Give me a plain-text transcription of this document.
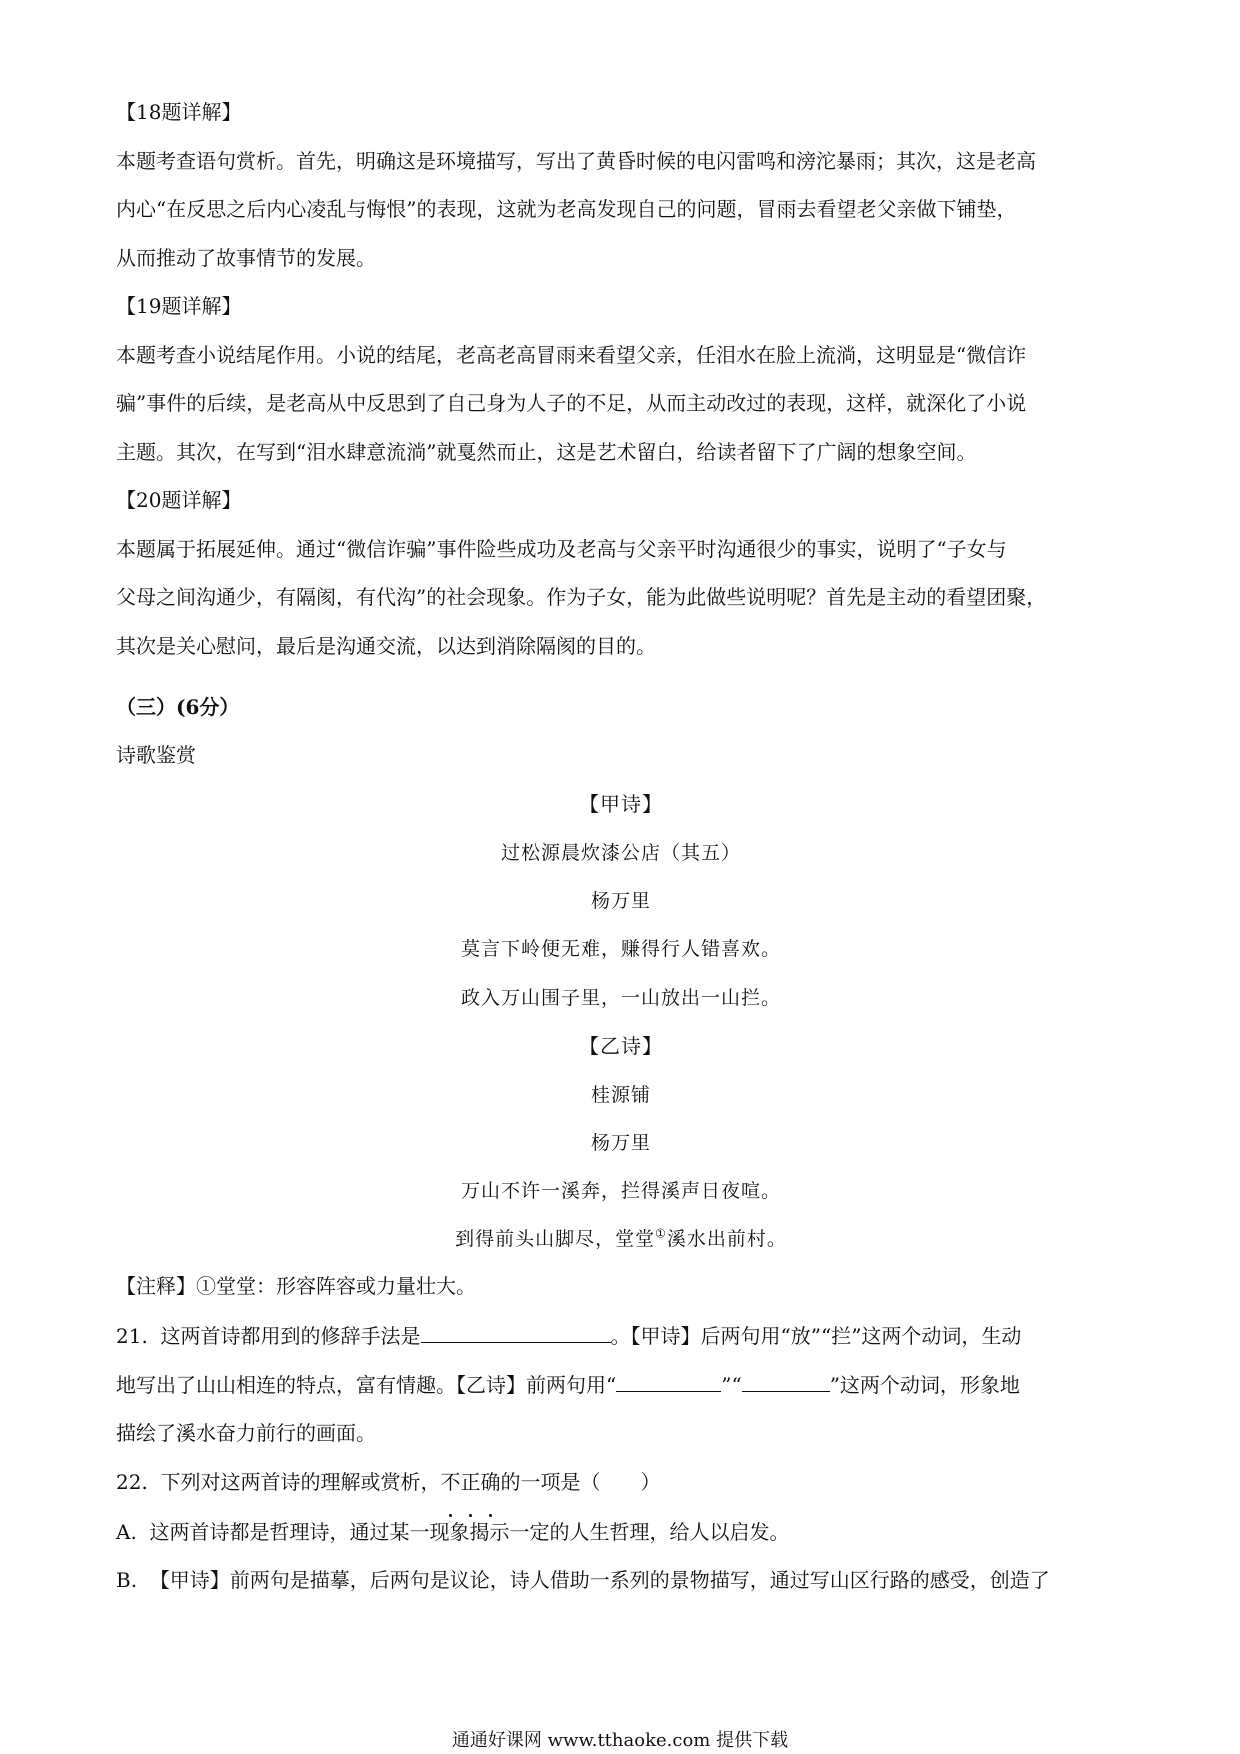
【18题详解】

本题考查语句赏析。首先，明确这是环境描写，写出了黄昏时候的电闪雷鸣和滂沱暴雨；其次，这是老高

内心“在反思之后内心凌乱与悔恨”的表现，这就为老高发现自己的问题，冒雨去看望老父亲做下铺垫，

从而推动了故事情节的发展。

【19题详解】

本题考查小说结尾作用。小说的结尾，老高老高冒雨来看望父亲，任泪水在脸上流淌，这明显是“微信诈

骗”事件的后续，是老高从中反思到了自己身为人子的不足，从而主动改过的表现，这样，就深化了小说

主题。其次，在写到“泪水肆意流淌”就戛然而止，这是艺术留白，给读者留下了广阔的想象空间。

【20题详解】

本题属于拓展延伸。通过“微信诈骗”事件险些成功及老高与父亲平时沟通很少的事实，说明了“子女与

父母之间沟通少，有隔阂，有代沟”的社会现象。作为子女，能为此做些说明呢？首先是主动的看望团聚，

其次是关心慰问，最后是沟通交流，以达到消除隔阂的目的。

（三）(6分）

诗歌鉴赏

【甲诗】
过松源晨炊漆公店（其五）
杨万里
莫言下岭便无难，赚得行人错喜欢。
政入万山围子里，一山放出一山拦。
【乙诗】
桂源铺
杨万里
万山不许一溪奔，拦得溪声日夜喧。
到得前头山脚尽，堂堂①溪水出前村。

【注释】①堂堂：形容阵容或力量壮大。

21. 这两首诗都用到的修辞手法是	。【甲诗】后两句用“放”“拦”这两个动词，生动

地写出了山山相连的特点，富有情趣。【乙诗】前两句用“	”“	”这两个动词，形象地

描绘了溪水奋力前行的画面。

22. 下列对这两首诗的理解或赏析，不正确的一项是（　　）

A. 这两首诗都是哲理诗，通过某一现象揭示一定的人生哲理，给人以启发。

B. 【甲诗】前两句是描摹，后两句是议论，诗人借助一系列的景物描写，通过写山区行路的感受，创造了

通通好课网 www.tthaoke.com 提供下载
